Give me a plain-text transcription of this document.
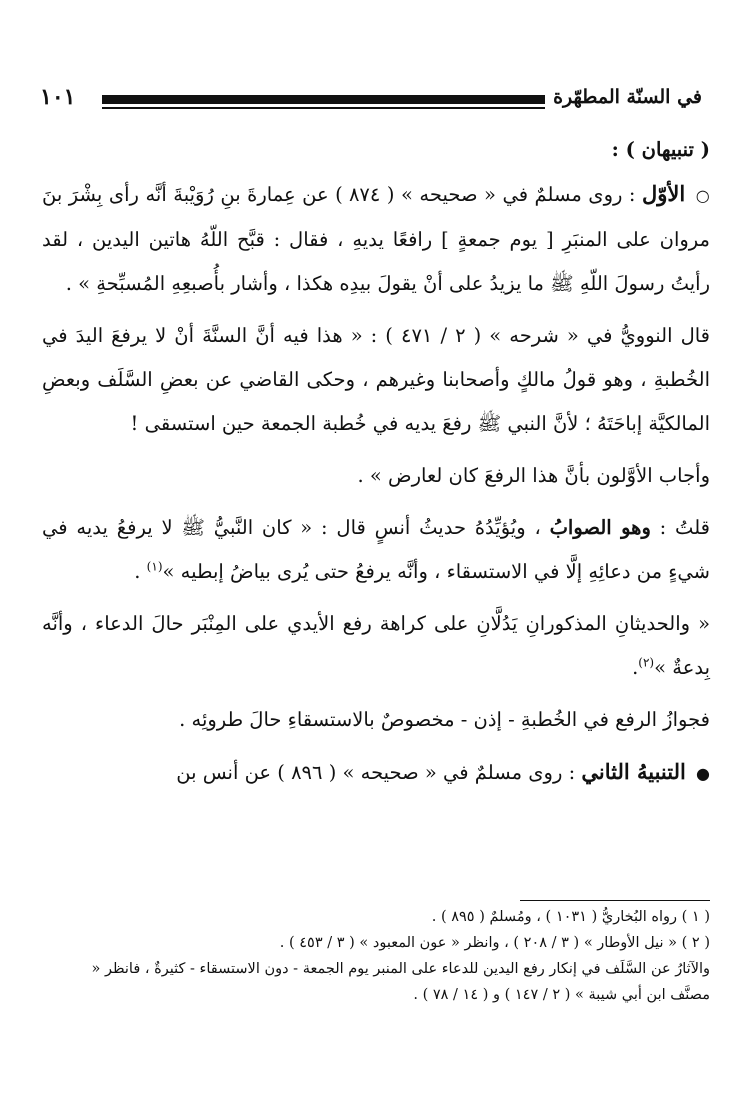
١٠١	في السنّة المطهّرة

( تنبيهان ) :

○ الأوّل : روى مسلمٌ في « صحيحه » ( ٨٧٤ ) عن عِمارةَ بنِ رُوَيْبةَ أنَّه رأى بِشْرَ بنَ مروان على المنبَرِ [ يوم جمعةٍ ] رافعًا يديهِ ، فقال : قبَّح اللّهُ هاتين اليدين ، لقد رأيتُ رسولَ اللّهِ ﷺ ما يزيدُ على أنْ يقولَ بيدِه هكذا ، وأشار بأُصبعِهِ المُسبِّحةِ » .

قال النوويُّ في « شرحه » ( ٢ / ٤٧١ ) : « هذا فيه أنَّ السنَّةَ أنْ لا يرفعَ اليدَ في الخُطبةِ ، وهو قولُ مالكٍ وأصحابنا وغيرهم ، وحكى القاضي عن بعضِ السَّلَف وبعضِ المالكيَّة إباحَتَهُ ؛ لأنَّ النبي ﷺ رفعَ يديه في خُطبة الجمعة حين استسقى !

وأجاب الأوَّلون بأنَّ هذا الرفعَ كان لعارض » .

قلتُ : وهو الصوابُ ، ويُؤيِّدُهُ حديثُ أنسٍ قال : « كان النَّبيُّ ﷺ لا يرفعُ يديه في شيءٍ من دعائِهِ إلَّا في الاستسقاء ، وأنَّه يرفعُ حتى يُرى بياضُ إبطيه »$^{(١)}$ .

« والحديثانِ المذكورانِ يَدُلَّانِ على كراهة رفع الأيدي على المِنْبَر حالَ الدعاء ، وأنَّه بِدعةٌ »$^{(٢)}$.

فجوازُ الرفع في الخُطبةِ - إذن - مخصوصٌ بالاستسقاءِ حالَ طروئِه .

● التنبيهُ الثاني : روى مسلمٌ في « صحيحه » ( ٨٩٦ ) عن أنس بن

( ١ ) رواه البُخاريُّ ( ١٠٣١ ) ، ومُسلمٌ ( ٨٩٥ ) .

( ٢ ) « نيل الأوطار » ( ٣ / ٢٠٨ ) ، وانظر « عون المعبود » ( ٣ / ٤٥٣ ) .

والآثارُ عن السَّلَف في إنكار رفع اليدين للدعاء على المنبر يوم الجمعة - دون الاستسقاء - كثيرةٌ ، فانظر « مصنَّف ابن أبي شيبة » ( ٢ / ١٤٧ ) و ( ١٤ / ٧٨ ) .
